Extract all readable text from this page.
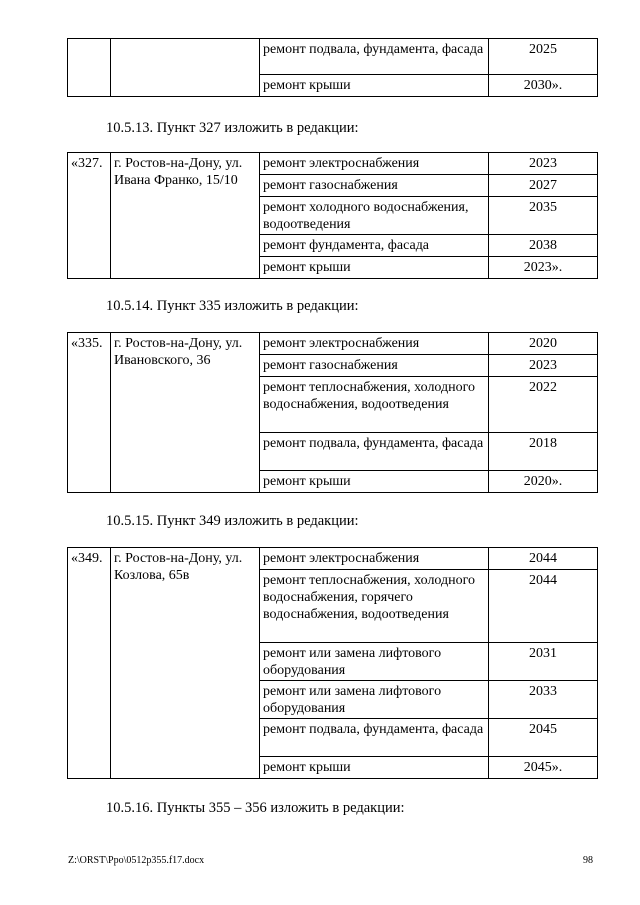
		ремонт подвала, фундамента, фасада	2025
		ремонт крыши	2030».
10.5.13. Пункт 327 изложить в редакции:
«327.	г. Ростов-на-Дону, ул. Ивана Франко, 15/10	ремонт электроснабжения	2023
		ремонт газоснабжения	2027
		ремонт холодного водоснабжения, водоотведения	2035
		ремонт фундамента, фасада	2038
		ремонт крыши	2023».
10.5.14. Пункт 335 изложить в редакции:
«335.	г. Ростов-на-Дону, ул. Ивановского, 36	ремонт электроснабжения	2020
		ремонт газоснабжения	2023
		ремонт теплоснабжения, холодного водоснабжения, водоотведения	2022
		ремонт подвала, фундамента, фасада	2018
		ремонт крыши	2020».
10.5.15. Пункт 349 изложить в редакции:
«349.	г. Ростов-на-Дону, ул. Козлова, 65в	ремонт электроснабжения	2044
		ремонт теплоснабжения, холодного водоснабжения, горячего водоснабжения, водоотведения	2044
		ремонт или замена лифтового оборудования	2031
		ремонт или замена лифтового оборудования	2033
		ремонт подвала, фундамента, фасада	2045
		ремонт крыши	2045».
10.5.16. Пункты 355 – 356 изложить в редакции:
Z:\ORST\Ppo\0512p355.f17.docx	98
